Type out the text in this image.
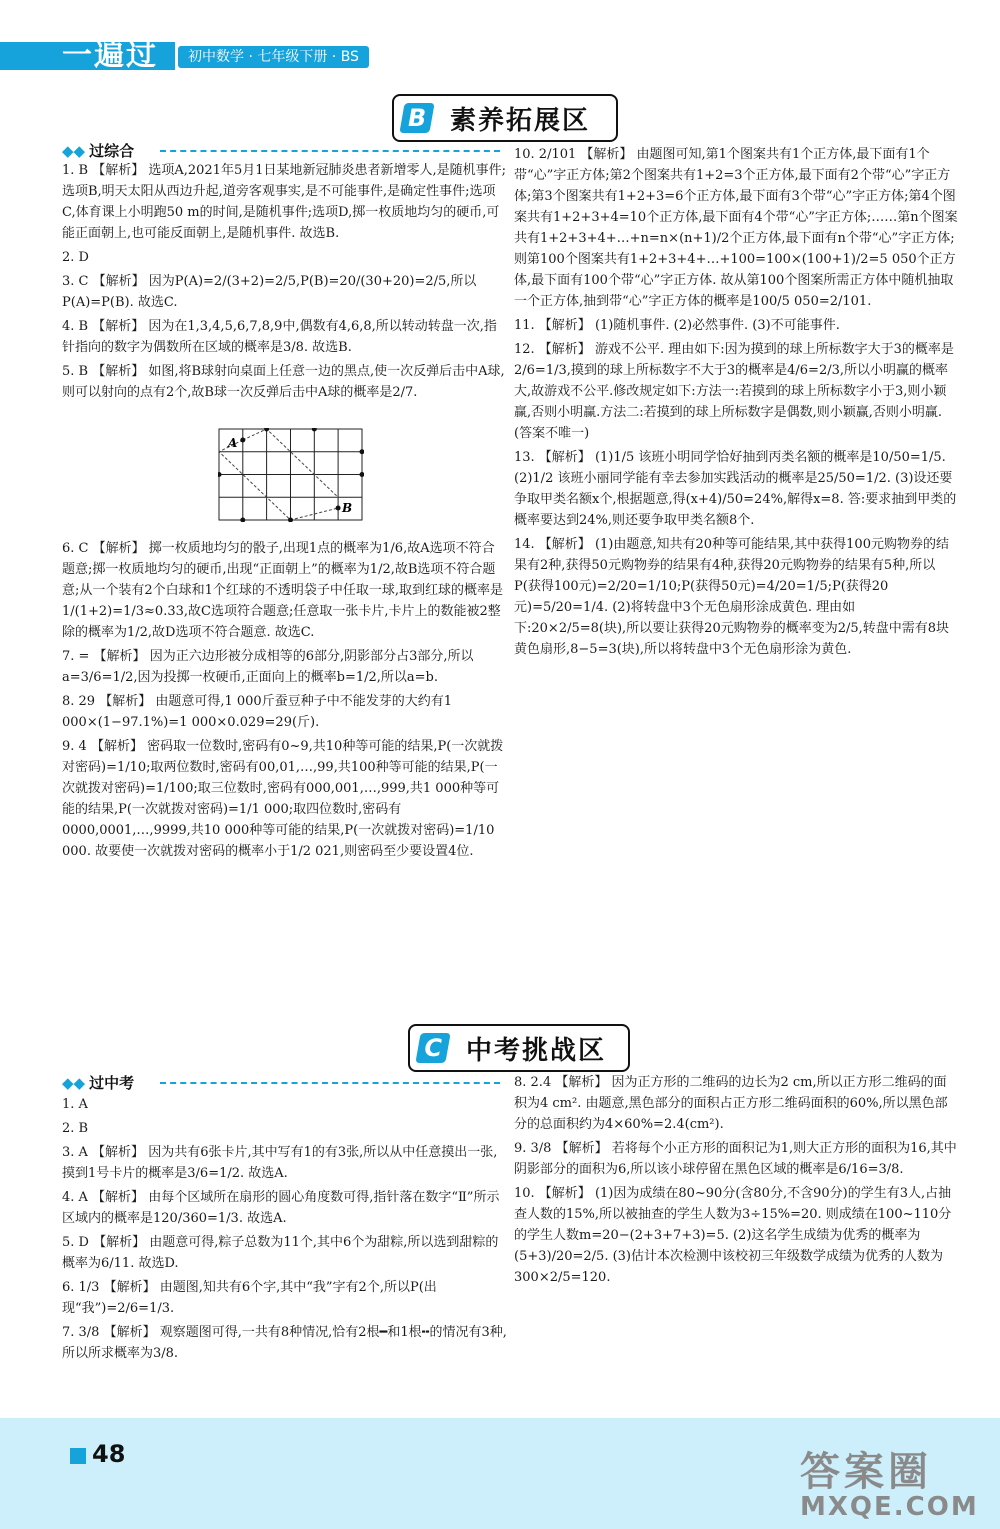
一遍过	初中数学 · 七年级下册 · BS
B 素养拓展区
◆◆ 过综合

1. B 【解析】 选项A,2021年5月1日某地新冠肺炎患者新增零人,是随机事件;选项B,明天太阳从西边升起,道旁客观事实,是不可能事件,是确定性事件;选项C,体育课上小明跑50 m的时间,是随机事件;选项D,掷一枚质地均匀的硬币,可能正面朝上,也可能反面朝上,是随机事件. 故选B.

2. D

3. C 【解析】 因为P(A)=2/(3+2)=2/5,P(B)=20/(30+20)=2/5,所以P(A)=P(B). 故选C.

4. B 【解析】 因为在1,3,4,5,6,7,8,9中,偶数有4,6,8,所以转动转盘一次,指针指向的数字为偶数所在区域的概率是3/8. 故选B.

5. B 【解析】 如图,将B球射向桌面上任意一边的黑点,使一次反弹后击中A球,则可以射向的点有2个,故B球一次反弹后击中A球的概率是2/7.

A
B

6. C 【解析】 掷一枚质地均匀的骰子,出现1点的概率为1/6,故A选项不符合题意;掷一枚质地均匀的硬币,出现“正面朝上”的概率为1/2,故B选项不符合题意;从一个装有2个白球和1个红球的不透明袋子中任取一球,取到红球的概率是1/(1+2)=1/3≈0.33,故C选项符合题意;任意取一张卡片,卡片上的数能被2整除的概率为1/2,故D选项不符合题意. 故选C.

7. = 【解析】 因为正六边形被分成相等的6部分,阴影部分占3部分,所以a=3/6=1/2,因为投掷一枚硬币,正面向上的概率b=1/2,所以a=b.

8. 29 【解析】 由题意可得,1 000斤蚕豆种子中不能发芽的大约有1 000×(1−97.1%)=1 000×0.029=29(斤).

9. 4 【解析】 密码取一位数时,密码有0~9,共10种等可能的结果,P(一次就拨对密码)=1/10;取两位数时,密码有00,01,…,99,共100种等可能的结果,P(一次就拨对密码)=1/100;取三位数时,密码有000,001,…,999,共1 000种等可能的结果,P(一次就拨对密码)=1/1 000;取四位数时,密码有0000,0001,…,9999,共10 000种等可能的结果,P(一次就拨对密码)=1/10 000. 故要使一次就拨对密码的概率小于1/2 021,则密码至少要设置4位.

10. 2/101 【解析】 由题图可知,第1个图案共有1个正方体,最下面有1个带“心”字正方体;第2个图案共有1+2=3个正方体,最下面有2个带“心”字正方体;第3个图案共有1+2+3=6个正方体,最下面有3个带“心”字正方体;第4个图案共有1+2+3+4=10个正方体,最下面有4个带“心”字正方体;……第n个图案共有1+2+3+4+…+n=n×(n+1)/2个正方体,最下面有n个带“心”字正方体;则第100个图案共有1+2+3+4+…+100=100×(100+1)/2=5 050个正方体,最下面有100个带“心”字正方体. 故从第100个图案所需正方体中随机抽取一个正方体,抽到带“心”字正方体的概率是100/5 050=2/101.

11. 【解析】 (1)随机事件. (2)必然事件. (3)不可能事件.

12. 【解析】 游戏不公平. 理由如下:因为摸到的球上所标数字大于3的概率是2/6=1/3,摸到的球上所标数字不大于3的概率是4/6=2/3,所以小明赢的概率大,故游戏不公平.修改规定如下:方法一:若摸到的球上所标数字小于3,则小颖赢,否则小明赢.方法二:若摸到的球上所标数字是偶数,则小颖赢,否则小明赢.(答案不唯一)

13. 【解析】 (1)1/5 该班小明同学恰好抽到丙类名额的概率是10/50=1/5. (2)1/2 该班小丽同学能有幸去参加实践活动的概率是25/50=1/2. (3)设还要争取甲类名额x个,根据题意,得(x+4)/50=24%,解得x=8. 答:要求抽到甲类的概率要达到24%,则还要争取甲类名额8个.

14. 【解析】 (1)由题意,知共有20种等可能结果,其中获得100元购物券的结果有2种,获得50元购物券的结果有4种,获得20元购物券的结果有5种,所以P(获得100元)=2/20=1/10;P(获得50元)=4/20=1/5;P(获得20元)=5/20=1/4. (2)将转盘中3个无色扇形涂成黄色. 理由如下:20×2/5=8(块),所以要让获得20元购物券的概率变为2/5,转盘中需有8块黄色扇形,8−5=3(块),所以将转盘中3个无色扇形涂为黄色.

C 中考挑战区
◆◆ 过中考

1. A

2. B

3. A 【解析】 因为共有6张卡片,其中写有1的有3张,所以从中任意摸出一张,摸到1号卡片的概率是3/6=1/2. 故选A.

4. A 【解析】 由每个区域所在扇形的圆心角度数可得,指针落在数字“Ⅱ”所示区域内的概率是120/360=1/3. 故选A.

5. D 【解析】 由题意可得,粽子总数为11个,其中6个为甜粽,所以选到甜粽的概率为6/11. 故选D.

6. 1/3 【解析】 由题图,知共有6个字,其中“我”字有2个,所以P(出现“我”)=2/6=1/3.

7. 3/8 【解析】 观察题图可得,一共有8种情况,恰有2根━和1根╍的情况有3种,所以所求概率为3/8.

8. 2.4 【解析】 因为正方形的二维码的边长为2 cm,所以正方形二维码的面积为4 cm². 由题意,黑色部分的面积占正方形二维码面积的60%,所以黑色部分的总面积约为4×60%=2.4(cm²).

9. 3/8 【解析】 若将每个小正方形的面积记为1,则大正方形的面积为16,其中阴影部分的面积为6,所以该小球停留在黑色区域的概率是6/16=3/8.

10. 【解析】 (1)因为成绩在80~90分(含80分,不含90分)的学生有3人,占抽查人数的15%,所以被抽查的学生人数为3÷15%=20. 则成绩在100~110分的学生人数m=20−(2+3+7+3)=5. (2)这名学生成绩为优秀的概率为(5+3)/20=2/5. (3)估计本次检测中该校初三年级数学成绩为优秀的人数为300×2/5=120.

48	答案圈
MXQE.COM
